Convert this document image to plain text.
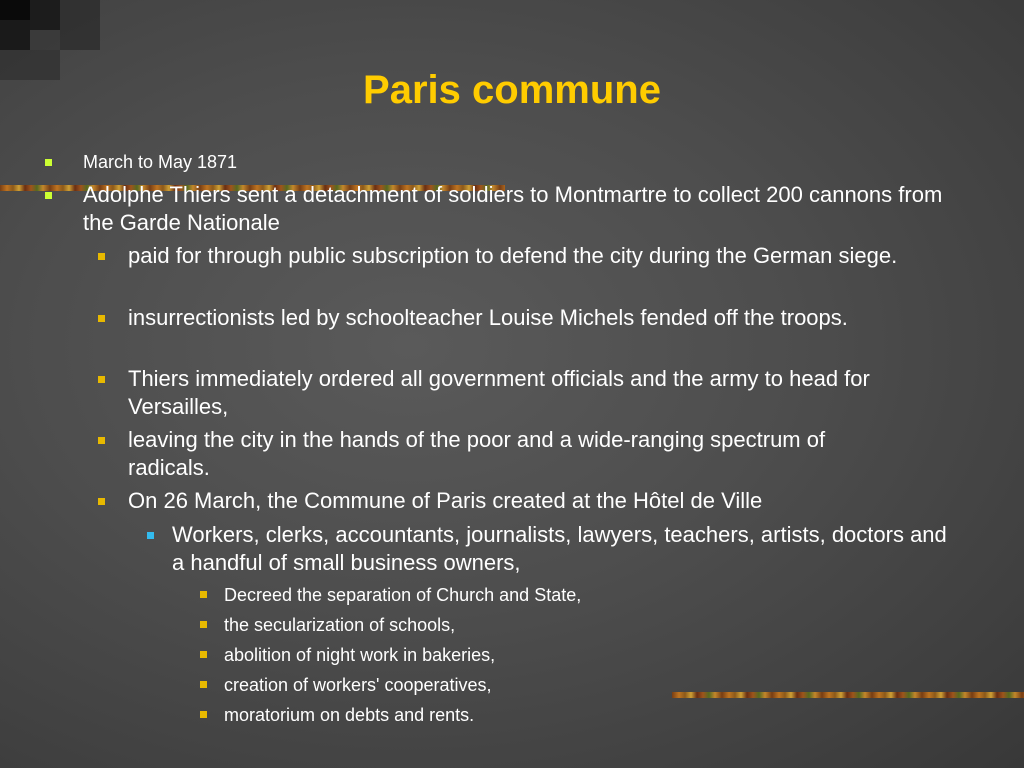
Paris commune
March to May 1871
Adolphe Thiers sent a detachment of soldiers to Montmartre to collect 200 cannons from the Garde Nationale
paid for through public subscription to defend the city during the German siege.
insurrectionists led by schoolteacher Louise Michels fended off the troops.
Thiers immediately ordered all government officials and the army to head for Versailles,
leaving the city in the hands of the poor and a wide-ranging spectrum of radicals.
On 26 March, the Commune of Paris created at the Hôtel de Ville
Workers, clerks, accountants, journalists, lawyers, teachers, artists, doctors and a handful of small business owners,
Decreed the separation of Church and State,
the secularization of schools,
abolition of night work in bakeries,
creation of workers' cooperatives,
moratorium on debts and rents.
